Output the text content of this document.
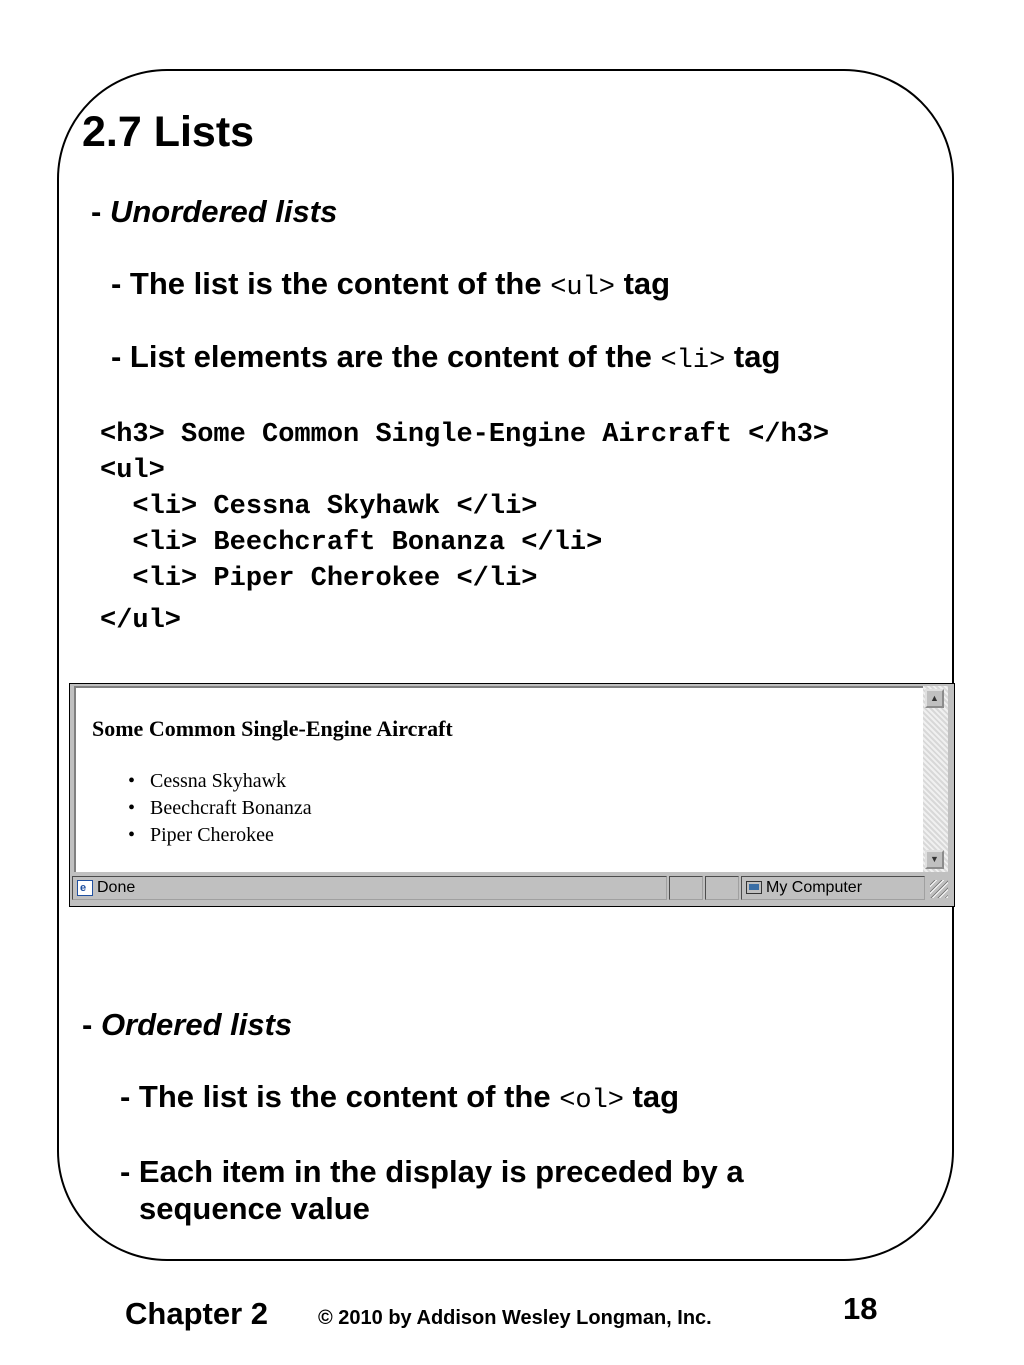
2.7 Lists
- Unordered lists
- The list is the content of the <ul> tag
- List elements are the content of the <li> tag
<h3> Some Common Single-Engine Aircraft </h3>
<ul>
<li> Cessna Skyhawk </li>
<li> Beechcraft Bonanza </li>
<li> Piper Cherokee </li>
</ul>
Some Common Single-Engine Aircraft
• Cessna Skyhawk
• Beechcraft Bonanza
• Piper Cherokee
▲
▼
e Done	My Computer
- Ordered lists
- The list is the content of the <ol> tag
- Each item in the display is preceded by a
sequence value
Chapter 2	© 2010 by Addison Wesley Longman, Inc.	18
